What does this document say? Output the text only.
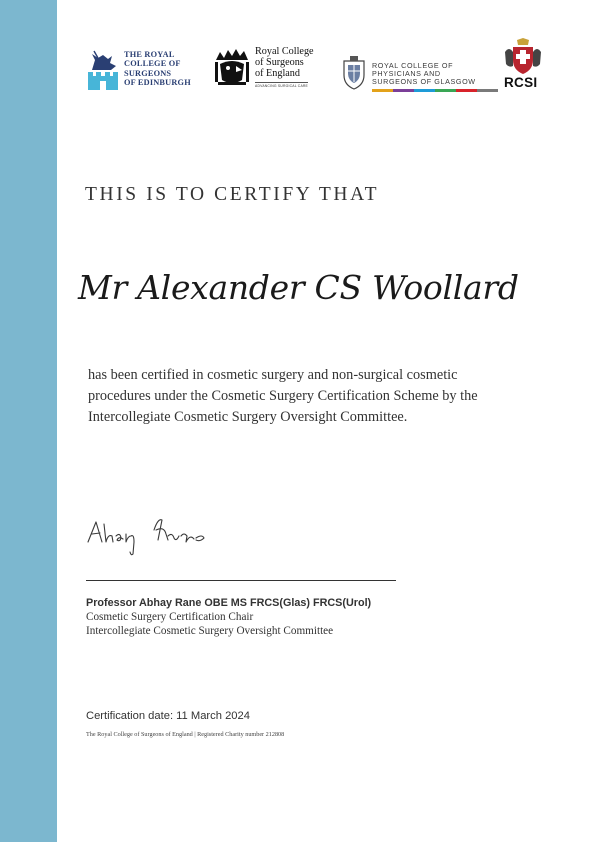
THE ROYAL
COLLEGE OF
SURGEONS
OF EDINBURGH
Royal College
of Surgeons
of England
ADVANCING SURGICAL CARE
ROYAL COLLEGE OF
PHYSICIANS AND
SURGEONS OF GLASGOW RCSI
THIS IS TO CERTIFY THAT
Mr Alexander CS Woollard
has been certified in cosmetic surgery and non-surgical cosmetic
procedures under the Cosmetic Surgery Certification Scheme by the
Intercollegiate Cosmetic Surgery Oversight Committee.
Professor Abhay Rane OBE MS FRCS(Glas) FRCS(Urol)
Cosmetic Surgery Certification Chair
Intercollegiate Cosmetic Surgery Oversight Committee
Certification date: 11 March 2024
The Royal College of Surgeons of England | Registered Charity number 212808
